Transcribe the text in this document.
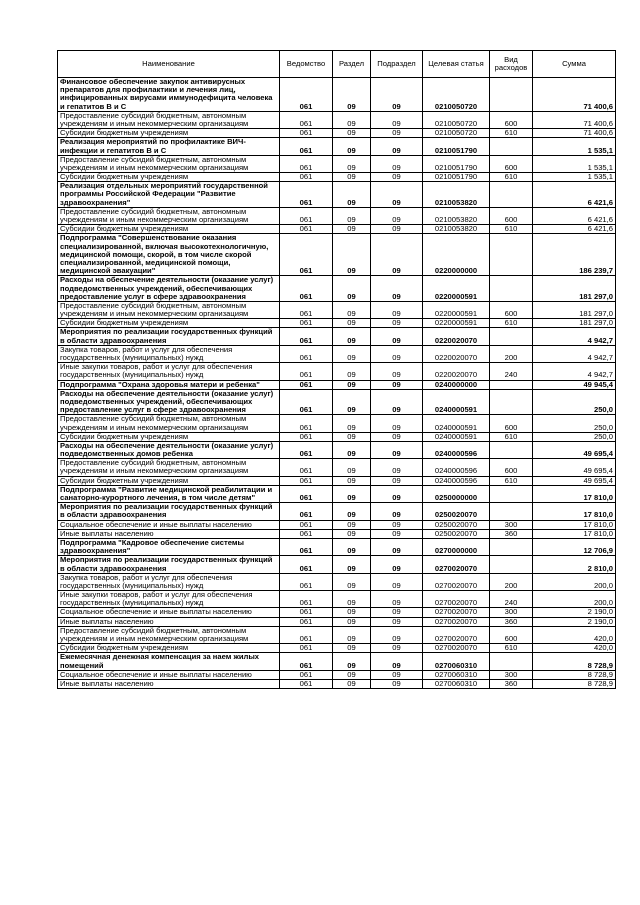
Наименование	Ведомство	Раздел	Подраздел	Целевая статья	Вид расходов	Сумма
Финансовое обеспечение закупок антивирусных препаратов для профилактики и лечения лиц, инфицированных вирусами иммунодефицита человека и гепатитов В и С	061	09	09	0210050720		71 400,6
Предоставление субсидий бюджетным, автономным учреждениям и иным некоммерческим организациям	061	09	09	0210050720	600	71 400,6
Субсидии бюджетным учреждениям	061	09	09	0210050720	610	71 400,6
Реализация мероприятий по профилактике ВИЧ-инфекции и гепатитов В и С	061	09	09	0210051790		1 535,1
Предоставление субсидий бюджетным, автономным учреждениям и иным некоммерческим организациям	061	09	09	0210051790	600	1 535,1
Субсидии бюджетным учреждениям	061	09	09	0210051790	610	1 535,1
Реализация отдельных мероприятий государственной программы Российской Федерации "Развитие здравоохранения"	061	09	09	0210053820		6 421,6
Предоставление субсидий бюджетным, автономным учреждениям и иным некоммерческим организациям	061	09	09	0210053820	600	6 421,6
Субсидии бюджетным учреждениям	061	09	09	0210053820	610	6 421,6
Подпрограмма "Совершенствование оказания специализированной, включая высокотехнологичную, медицинской помощи, скорой, в том числе скорой специализированной, медицинской помощи, медицинской эвакуации"	061	09	09	0220000000		186 239,7
Расходы на обеспечение деятельности (оказание услуг) подведомственных учреждений, обеспечивающих предоставление услуг в сфере здравоохранения	061	09	09	0220000591		181 297,0
Предоставление субсидий бюджетным, автономным учреждениям и иным некоммерческим организациям	061	09	09	0220000591	600	181 297,0
Субсидии бюджетным учреждениям	061	09	09	0220000591	610	181 297,0
Мероприятия по реализации государственных функций в области здравоохранения	061	09	09	0220020070		4 942,7
Закупка товаров, работ и услуг для обеспечения государственных (муниципальных) нужд	061	09	09	0220020070	200	4 942,7
Иные закупки товаров, работ и услуг для обеспечения государственных (муниципальных) нужд	061	09	09	0220020070	240	4 942,7
Подпрограмма "Охрана здоровья матери и ребенка"	061	09	09	0240000000		49 945,4
Расходы на обеспечение деятельности (оказание услуг) подведомственных учреждений, обеспечивающих предоставление услуг в сфере здравоохранения	061	09	09	0240000591		250,0
Предоставление субсидий бюджетным, автономным учреждениям и иным некоммерческим организациям	061	09	09	0240000591	600	250,0
Субсидии бюджетным учреждениям	061	09	09	0240000591	610	250,0
Расходы на обеспечение деятельности (оказание услуг) подведомственных домов ребенка	061	09	09	0240000596		49 695,4
Предоставление субсидий бюджетным, автономным учреждениям и иным некоммерческим организациям	061	09	09	0240000596	600	49 695,4
Субсидии бюджетным учреждениям	061	09	09	0240000596	610	49 695,4
Подпрограмма "Развитие медицинской реабилитации и санаторно-курортного лечения, в том числе детям"	061	09	09	0250000000		17 810,0
Мероприятия по реализации государственных функций в области здравоохранения	061	09	09	0250020070		17 810,0
Социальное обеспечение и иные выплаты населению	061	09	09	0250020070	300	17 810,0
Иные выплаты населению	061	09	09	0250020070	360	17 810,0
Подпрограмма "Кадровое обеспечение системы здравоохранения"	061	09	09	0270000000		12 706,9
Мероприятия по реализации государственных функций в области здравоохранения	061	09	09	0270020070		2 810,0
Закупка товаров, работ и услуг для обеспечения государственных (муниципальных) нужд	061	09	09	0270020070	200	200,0
Иные закупки товаров, работ и услуг для обеспечения государственных (муниципальных) нужд	061	09	09	0270020070	240	200,0
Социальное обеспечение и иные выплаты населению	061	09	09	0270020070	300	2 190,0
Иные выплаты населению	061	09	09	0270020070	360	2 190,0
Предоставление субсидий бюджетным, автономным учреждениям и иным некоммерческим организациям	061	09	09	0270020070	600	420,0
Субсидии бюджетным учреждениям	061	09	09	0270020070	610	420,0
Ежемесячная денежная компенсация за наем жилых помещений	061	09	09	0270060310		8 728,9
Социальное обеспечение и иные выплаты населению	061	09	09	0270060310	300	8 728,9
Иные выплаты населению	061	09	09	0270060310	360	8 728,9
